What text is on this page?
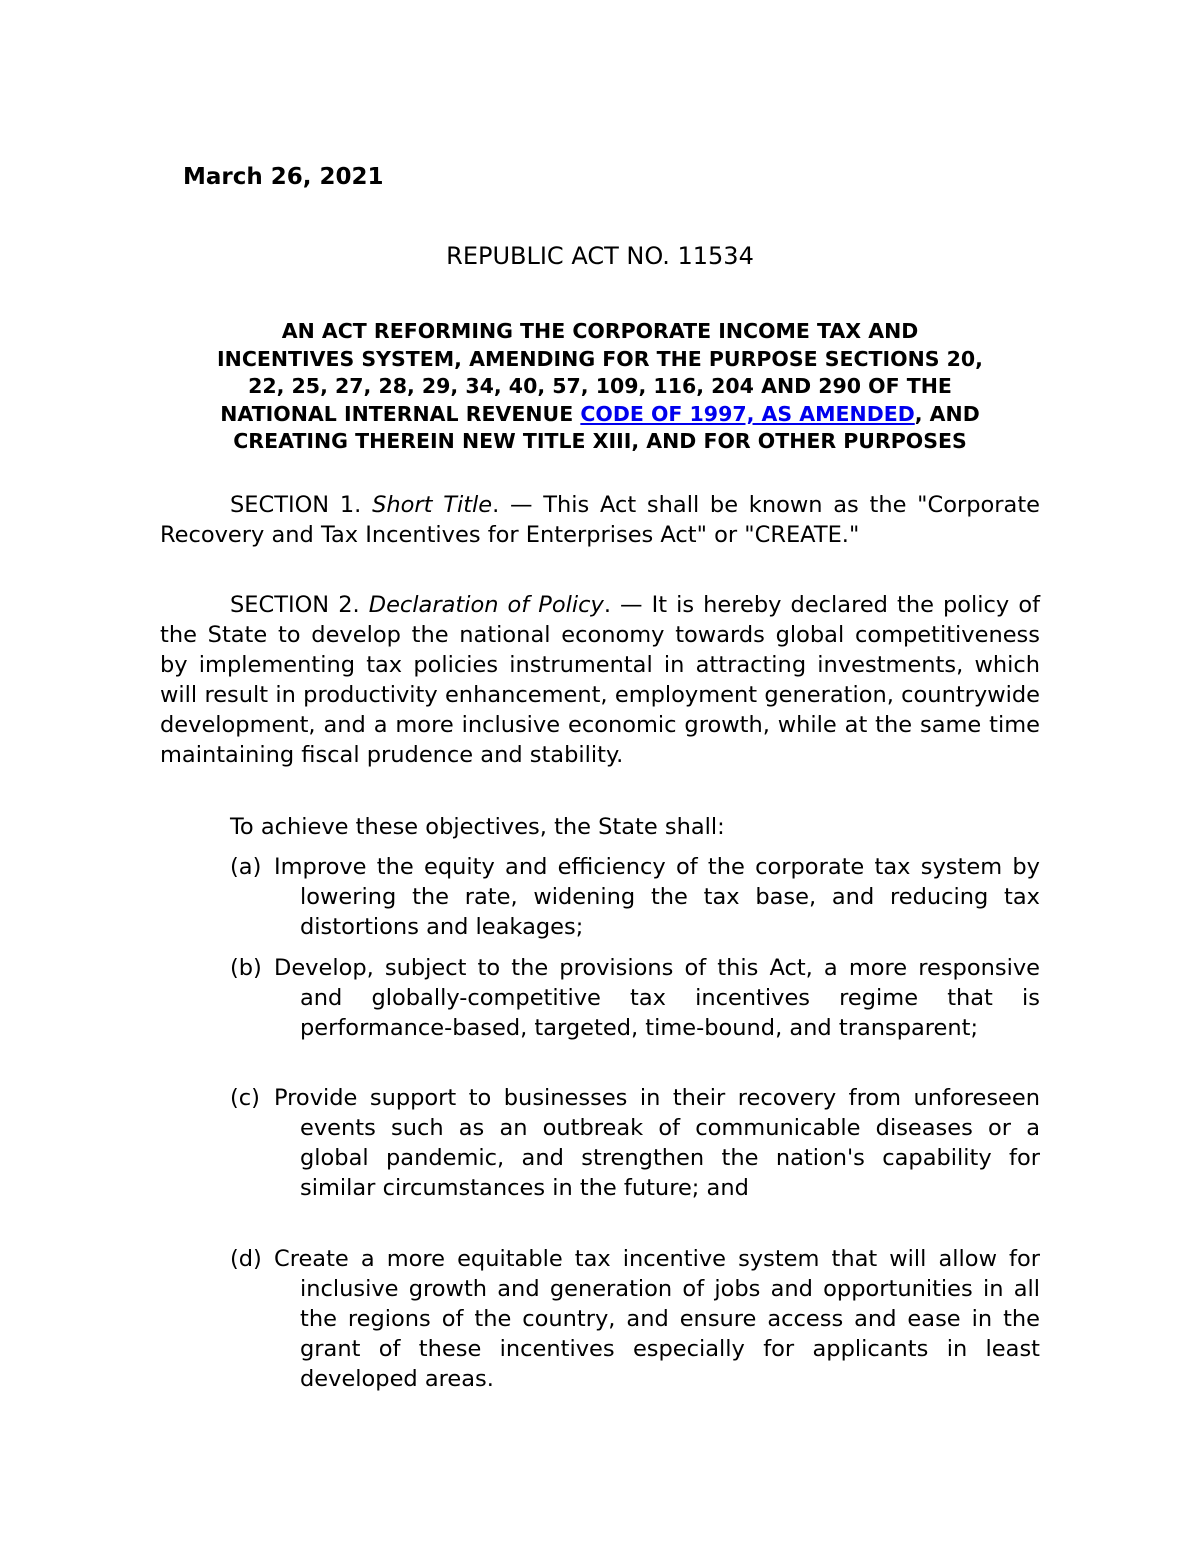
March 26, 2021
REPUBLIC ACT NO. 11534
AN ACT REFORMING THE CORPORATE INCOME TAX AND
INCENTIVES SYSTEM, AMENDING FOR THE PURPOSE SECTIONS 20,
22, 25, 27, 28, 29, 34, 40, 57, 109, 116, 204 AND 290 OF THE
NATIONAL INTERNAL REVENUE CODE OF 1997, AS AMENDED, AND
CREATING THEREIN NEW TITLE XIII, AND FOR OTHER PURPOSES

SECTION 1. Short Title. — This Act shall be known as the "Corporate Recovery and Tax Incentives for Enterprises Act" or "CREATE."

SECTION 2. Declaration of Policy. — It is hereby declared the policy of the State to develop the national economy towards global competitiveness by implementing tax policies instrumental in attracting investments, which will result in productivity enhancement, employment generation, countrywide development, and a more inclusive economic growth, while at the same time maintaining fiscal prudence and stability.

To achieve these objectives, the State shall:
(a) Improve the equity and efficiency of the corporate tax system by lowering the rate, widening the tax base, and reducing tax distortions and leakages;
(b) Develop, subject to the provisions of this Act, a more responsive and globally-competitive tax incentives regime that is performance-based, targeted, time-bound, and transparent;
(c) Provide support to businesses in their recovery from unforeseen events such as an outbreak of communicable diseases or a global pandemic, and strengthen the nation's capability for similar circumstances in the future; and
(d) Create a more equitable tax incentive system that will allow for inclusive growth and generation of jobs and opportunities in all the regions of the country, and ensure access and ease in the grant of these incentives especially for applicants in least developed areas.
